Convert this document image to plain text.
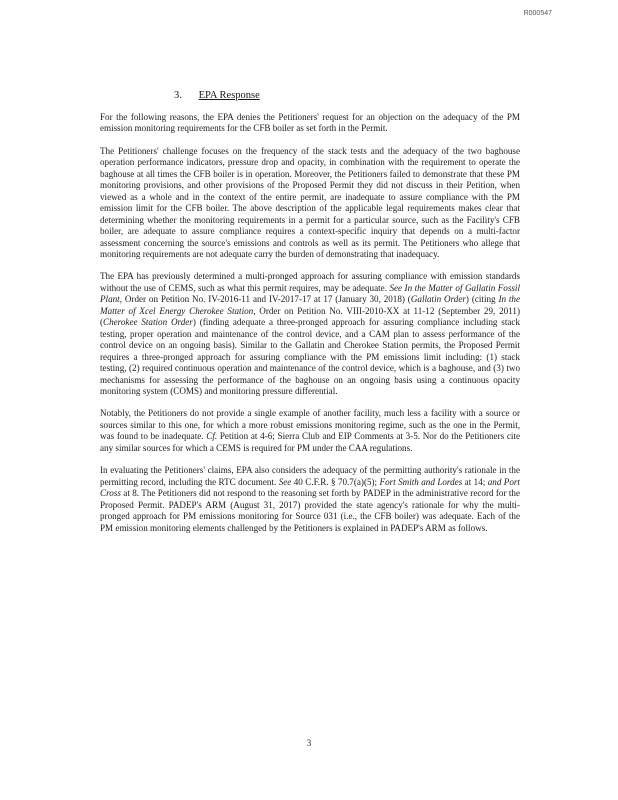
R000547
3. EPA Response

For the following reasons, the EPA denies the Petitioners' request for an objection on the adequacy of the PM emission monitoring requirements for the CFB boiler as set forth in the Permit.

The Petitioners' challenge focuses on the frequency of the stack tests and the adequacy of the two baghouse operation performance indicators, pressure drop and opacity, in combination with the requirement to operate the baghouse at all times the CFB boiler is in operation. Moreover, the Petitioners failed to demonstrate that these PM monitoring provisions, and other provisions of the Proposed Permit they did not discuss in their Petition, when viewed as a whole and in the context of the entire permit, are inadequate to assure compliance with the PM emission limit for the CFB boiler. The above description of the applicable legal requirements makes clear that determining whether the monitoring requirements in a permit for a particular source, such as the Facility's CFB boiler, are adequate to assure compliance requires a context-specific inquiry that depends on a multi-factor assessment concerning the source's emissions and controls as well as its permit. The Petitioners who allege that monitoring requirements are not adequate carry the burden of demonstrating that inadequacy.

The EPA has previously determined a multi-pronged approach for assuring compliance with emission standards without the use of CEMS, such as what this permit requires, may be adequate. See In the Matter of Gallatin Fossil Plant, Order on Petition No. IV-2016-11 and IV-2017-17 at 17 (January 30, 2018) (Gallatin Order) (citing In the Matter of Xcel Energy Cherokee Station, Order on Petition No. VIII-2010-XX at 11-12 (September 29, 2011) (Cherokee Station Order) (finding adequate a three-pronged approach for assuring compliance including stack testing, proper operation and maintenance of the control device, and a CAM plan to assess performance of the control device on an ongoing basis). Similar to the Gallatin and Cherokee Station permits, the Proposed Permit requires a three-pronged approach for assuring compliance with the PM emissions limit including: (1) stack testing, (2) required continuous operation and maintenance of the control device, which is a baghouse, and (3) two mechanisms for assessing the performance of the baghouse on an ongoing basis using a continuous opacity monitoring system (COMS) and monitoring pressure differential.

Notably, the Petitioners do not provide a single example of another facility, much less a facility with a source or sources similar to this one, for which a more robust emissions monitoring regime, such as the one in the Permit, was found to be inadequate. Cf. Petition at 4-6; Sierra Club and EIP Comments at 3-5. Nor do the Petitioners cite any similar sources for which a CEMS is required for PM under the CAA regulations.

In evaluating the Petitioners' claims, EPA also considers the adequacy of the permitting authority's rationale in the permitting record, including the RTC document. See 40 C.F.R. § 70.7(a)(5); Fort Smith and Lordes at 14; and Port Cross at 8. The Petitioners did not respond to the reasoning set forth by PADEP in the administrative record for the Proposed Permit. PADEP's ARM (August 31, 2017) provided the state agency's rationale for why the multi-pronged approach for PM emissions monitoring for Source 031 (i.e., the CFB boiler) was adequate. Each of the PM emission monitoring elements challenged by the Petitioners is explained in PADEP's ARM as follows.

3
